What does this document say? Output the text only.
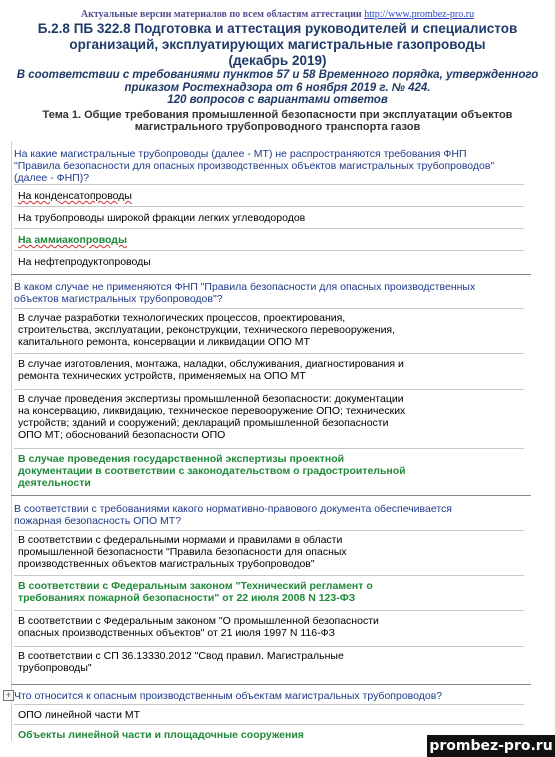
Актуальные версии материалов по всем областям аттестации http://www.prombez-pro.ru
Б.2.8 ПБ 322.8 Подготовка и аттестация руководителей и специалистов
организаций, эксплуатирующих магистральные газопроводы
(декабрь 2019)
В соответствии с требованиями пунктов 57 и 58 Временного порядка, утвержденного
приказом Ростехнадзора от 6 ноября 2019 г. № 424.
120 вопросов с вариантами ответов
Тема 1. Общие требования промышленной безопасности при эксплуатации объектов
магистрального трубопроводного транспорта газов
На какие магистральные трубопроводы (далее - МТ) не распространяются требования ФНП
"Правила безопасности для опасных производственных объектов магистральных трубопроводов"
(далее - ФНП)?
На конденсатопроводы
На трубопроводы широкой фракции легких углеводородов
На аммиакопроводы
На нефтепродуктопроводы
В каком случае не применяются ФНП "Правила безопасности для опасных производственных
объектов магистральных трубопроводов"?
В случае разработки технологических процессов, проектирования,
строительства, эксплуатации, реконструкции, технического перевооружения,
капитального ремонта, консервации и ликвидации ОПО МТ
В случае изготовления, монтажа, наладки, обслуживания, диагностирования и
ремонта технических устройств, применяемых на ОПО МТ
В случае проведения экспертизы промышленной безопасности: документации
на консервацию, ликвидацию, техническое перевооружение ОПО; технических
устройств; зданий и сооружений; деклараций промышленной безопасности
ОПО МТ; обоснований безопасности ОПО
В случае проведения государственной экспертизы проектной
документации в соответствии с законодательством о градостроительной
деятельности
В соответствии с требованиями какого нормативно-правового документа обеспечивается
пожарная безопасность ОПО МТ?
В соответствии с федеральными нормами и правилами в области
промышленной безопасности "Правила безопасности для опасных
производственных объектов магистральных трубопроводов"
В соответствии с Федеральным законом "Технический регламент о
требованиях пожарной безопасности" от 22 июля 2008 N 123-ФЗ
В соответствии с Федеральным законом "О промышленной безопасности
опасных производственных объектов" от 21 июля 1997 N 116-ФЗ
В соответствии с СП 36.13330.2012 "Свод правил. Магистральные
трубопроводы"
+ Что относится к опасным производственным объектам магистральных трубопроводов?
ОПО линейной части МТ
Объекты линейной части и площадочные сооружения
prombez-pro.ru
